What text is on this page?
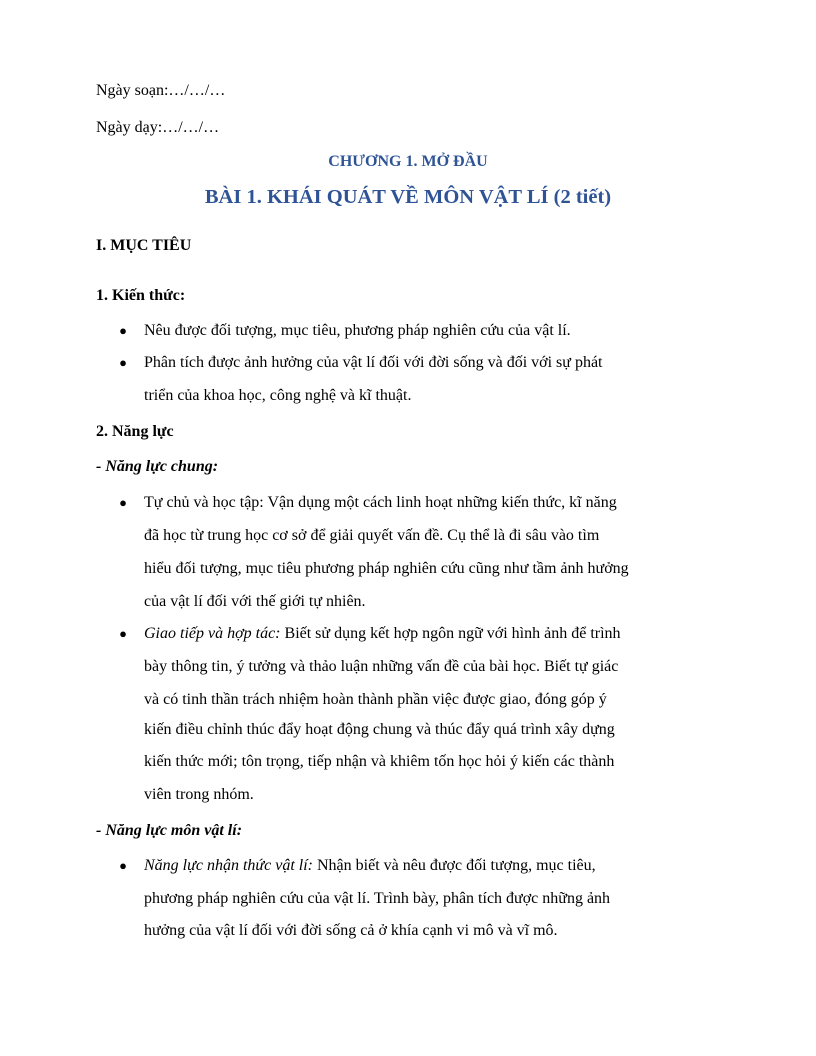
Ngày soạn:…/…/…
Ngày dạy:…/…/…
CHƯƠNG 1. MỞ ĐẦU
BÀI 1. KHÁI QUÁT VỀ MÔN VẬT LÍ (2 tiết)
I. MỤC TIÊU
1. Kiến thức:
● Nêu được đối tượng, mục tiêu, phương pháp nghiên cứu của vật lí.
● Phân tích được ảnh hưởng của vật lí đối với đời sống và đối với sự phát
triển của khoa học, công nghệ và kĩ thuật.
2. Năng lực
- Năng lực chung:
● Tự chủ và học tập: Vận dụng một cách linh hoạt những kiến thức, kĩ năng
đã học từ trung học cơ sở để giải quyết vấn đề. Cụ thể là đi sâu vào tìm
hiểu đối tượng, mục tiêu phương pháp nghiên cứu cũng như tầm ảnh hưởng
của vật lí đối với thế giới tự nhiên.
● Giao tiếp và hợp tác: Biết sử dụng kết hợp ngôn ngữ với hình ảnh để trình
bày thông tin, ý tưởng và thảo luận những vấn đề của bài học. Biết tự giác
và có tinh thần trách nhiệm hoàn thành phần việc được giao, đóng góp ý
kiến điều chỉnh thúc đẩy hoạt động chung và thúc đẩy quá trình xây dựng
kiến thức mới; tôn trọng, tiếp nhận và khiêm tốn học hỏi ý kiến các thành
viên trong nhóm.
- Năng lực môn vật lí:
● Năng lực nhận thức vật lí: Nhận biết và nêu được đối tượng, mục tiêu,
phương pháp nghiên cứu của vật lí. Trình bày, phân tích được những ảnh
hưởng của vật lí đối với đời sống cả ở khía cạnh vi mô và vĩ mô.
